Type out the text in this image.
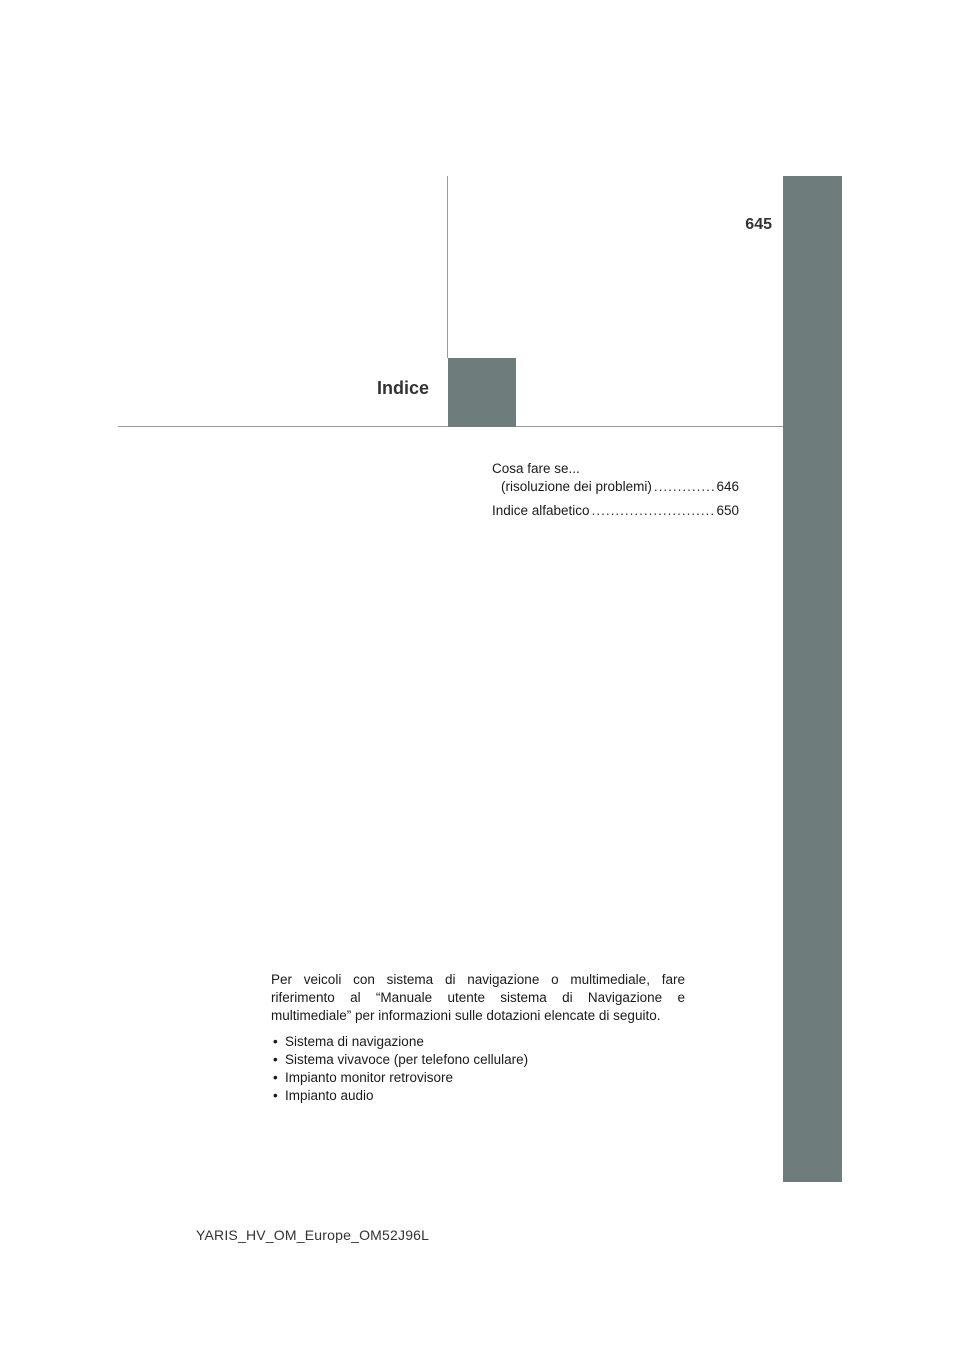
645
Indice
Cosa fare se...
(risoluzione dei problemi) .....	646
Indice alfabetico .....	650

Per veicoli con sistema di navigazione o multimediale, fare riferimento al “Manuale utente sistema di Navigazione e multimediale” per informazioni sulle dotazioni elencate di seguito.

• Sistema di navigazione
• Sistema vivavoce (per telefono cellulare)
• Impianto monitor retrovisore
• Impianto audio
YARIS_HV_OM_Europe_OM52J96L
